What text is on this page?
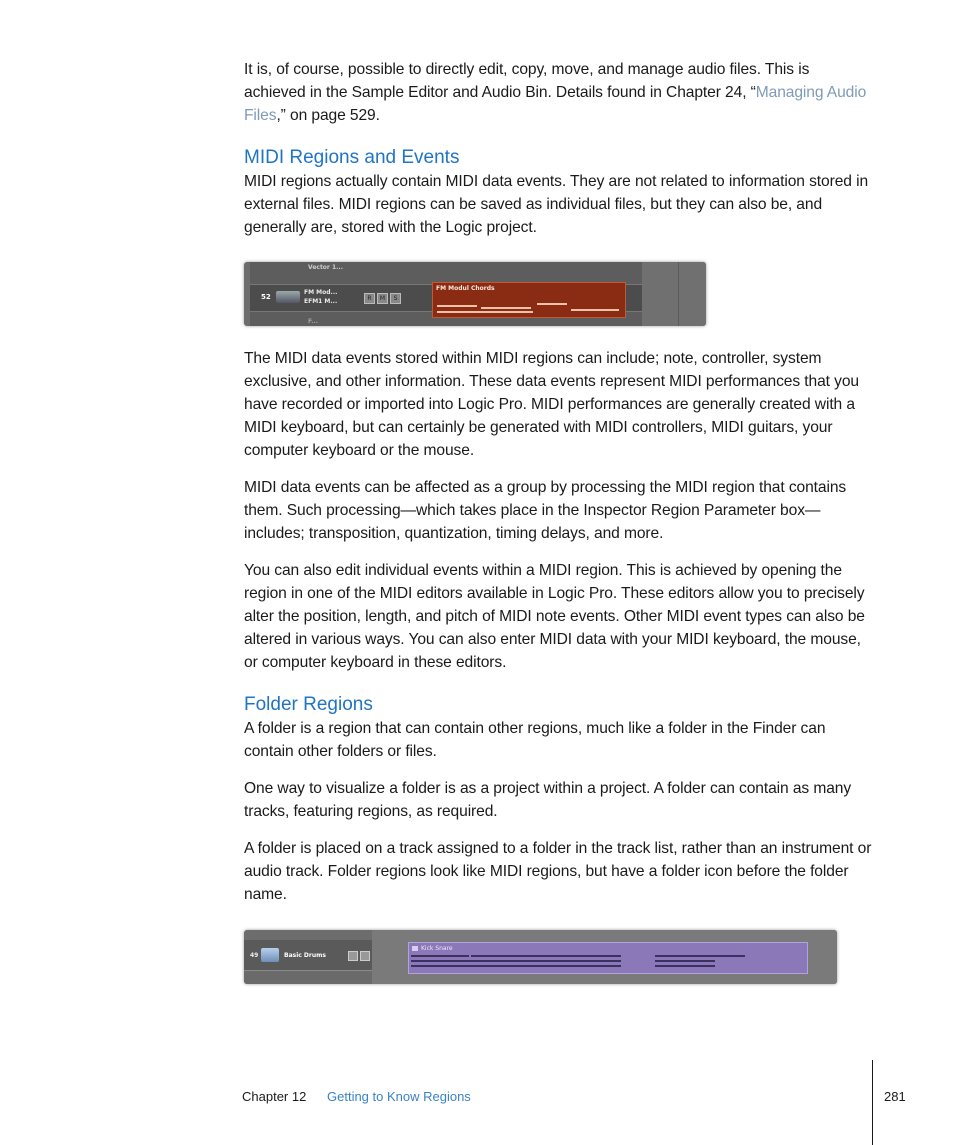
It is, of course, possible to directly edit, copy, move, and manage audio files. This is achieved in the Sample Editor and Audio Bin. Details found in Chapter 24, “Managing Audio Files,” on page 529.

MIDI Regions and Events

MIDI regions actually contain MIDI data events. They are not related to information stored in external files. MIDI regions can be saved as individual files, but they can also be, and generally are, stored with the Logic project.

Vector 1...
52
FM Mod...
EFM1 M...	R	M	S
F...
FM Modul Chords

The MIDI data events stored within MIDI regions can include; note, controller, system exclusive, and other information. These data events represent MIDI performances that you have recorded or imported into Logic Pro. MIDI performances are generally created with a MIDI keyboard, but can certainly be generated with MIDI controllers, MIDI guitars, your computer keyboard or the mouse.

MIDI data events can be affected as a group by processing the MIDI region that contains them. Such processing—which takes place in the Inspector Region Parameter box—includes; transposition, quantization, timing delays, and more.

You can also edit individual events within a MIDI region. This is achieved by opening the region in one of the MIDI editors available in Logic Pro. These editors allow you to precisely alter the position, length, and pitch of MIDI note events. Other MIDI event types can also be altered in various ways. You can also enter MIDI data with your MIDI keyboard, the mouse, or computer keyboard in these editors.

Folder Regions

A folder is a region that can contain other regions, much like a folder in the Finder can contain other folders or files.

One way to visualize a folder is as a project within a project. A folder can contain as many tracks, featuring regions, as required.

A folder is placed on a track assigned to a folder in the track list, rather than an instrument or audio track. Folder regions look like MIDI regions, but have a folder icon before the folder name.

49	Basic Drums
Kick Snare
Chapter 12 Getting to Know Regions	281
